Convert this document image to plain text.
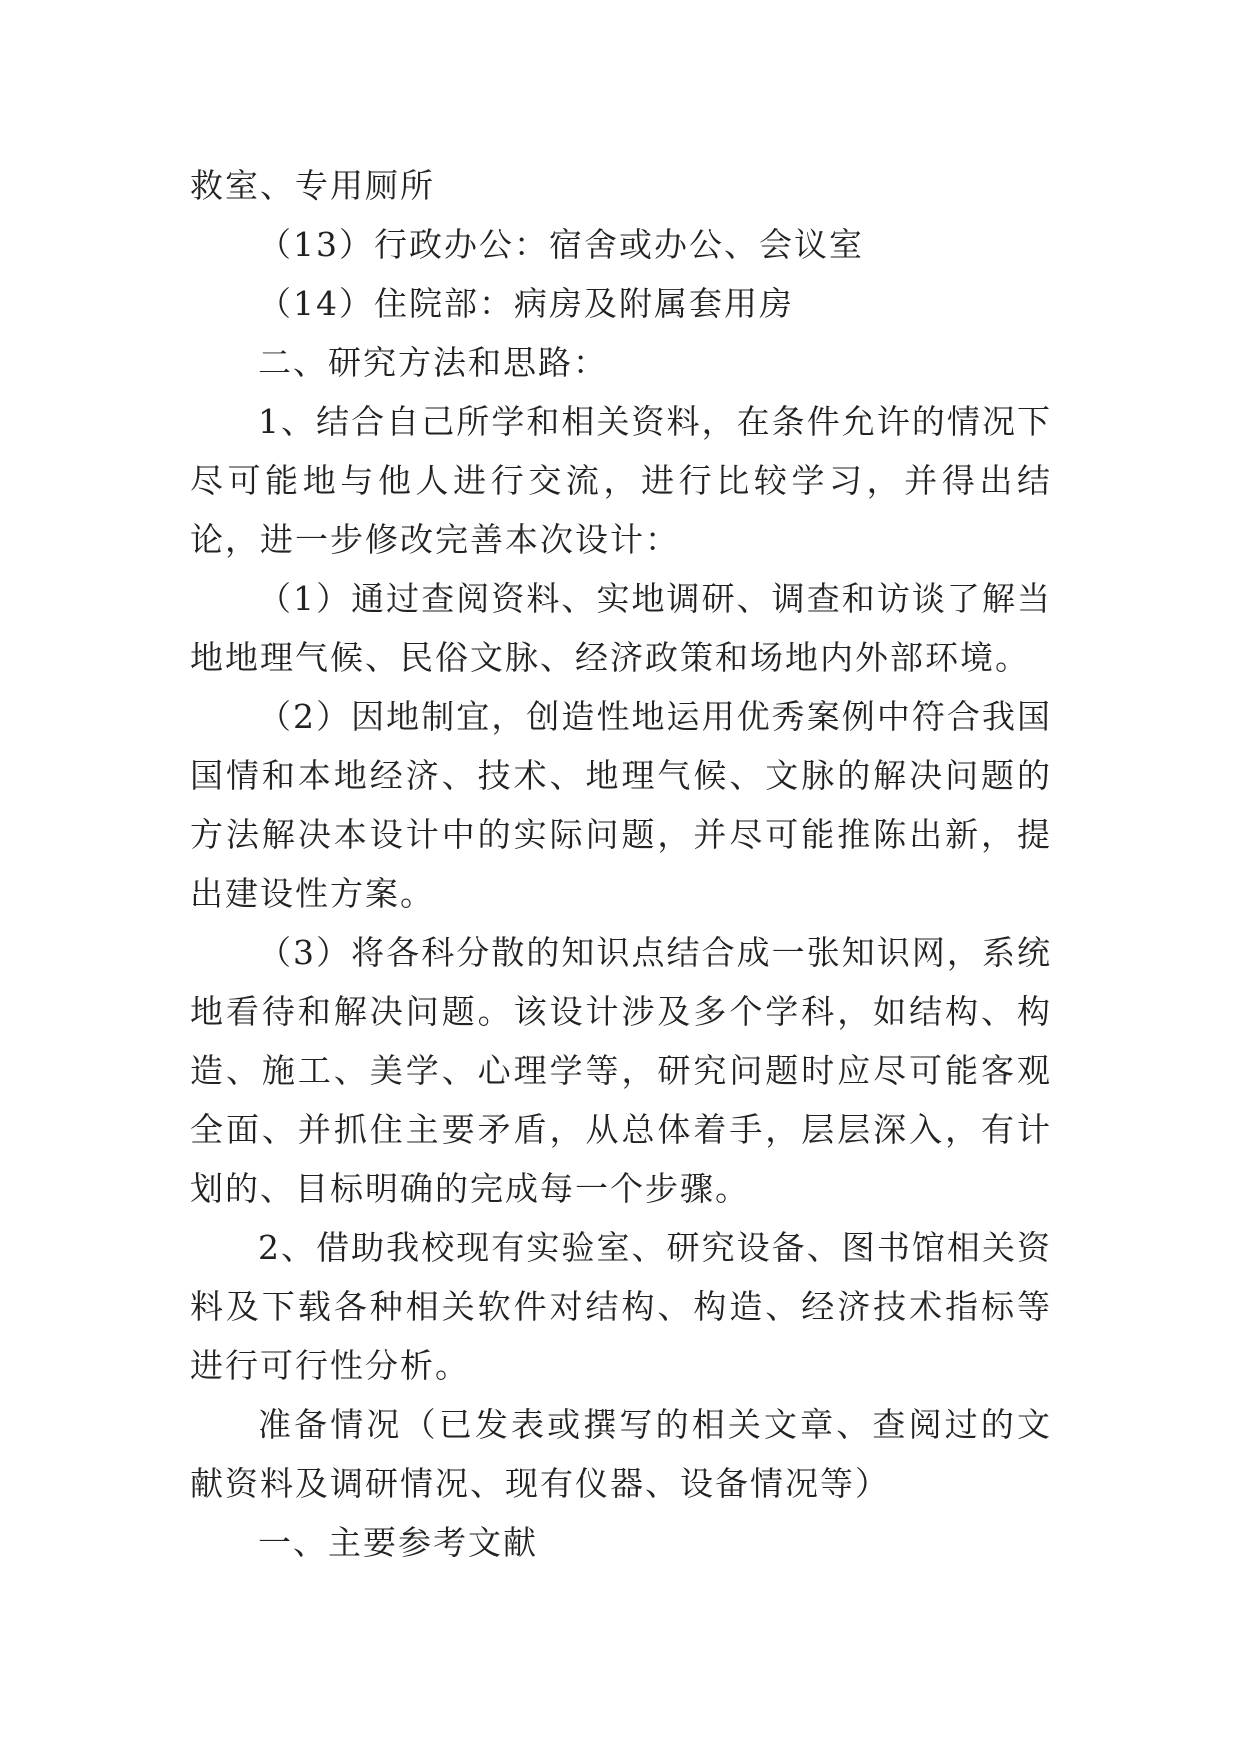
救室、专用厕所

（13）行政办公：宿舍或办公、会议室

（14）住院部：病房及附属套用房

二、研究方法和思路：

1、结合自己所学和相关资料，在条件允许的情况下尽可能地与他人进行交流，进行比较学习，并得出结论，进一步修改完善本次设计：

（1）通过查阅资料、实地调研、调查和访谈了解当地地理气候、民俗文脉、经济政策和场地内外部环境。

（2）因地制宜，创造性地运用优秀案例中符合我国国情和本地经济、技术、地理气候、文脉的解决问题的方法解决本设计中的实际问题，并尽可能推陈出新，提出建设性方案。

（3）将各科分散的知识点结合成一张知识网，系统地看待和解决问题。该设计涉及多个学科，如结构、构造、施工、美学、心理学等，研究问题时应尽可能客观全面、并抓住主要矛盾，从总体着手，层层深入，有计划的、目标明确的完成每一个步骤。

2、借助我校现有实验室、研究设备、图书馆相关资料及下载各种相关软件对结构、构造、经济技术指标等进行可行性分析。

准备情况（已发表或撰写的相关文章、查阅过的文献资料及调研情况、现有仪器、设备情况等）

一、主要参考文献
